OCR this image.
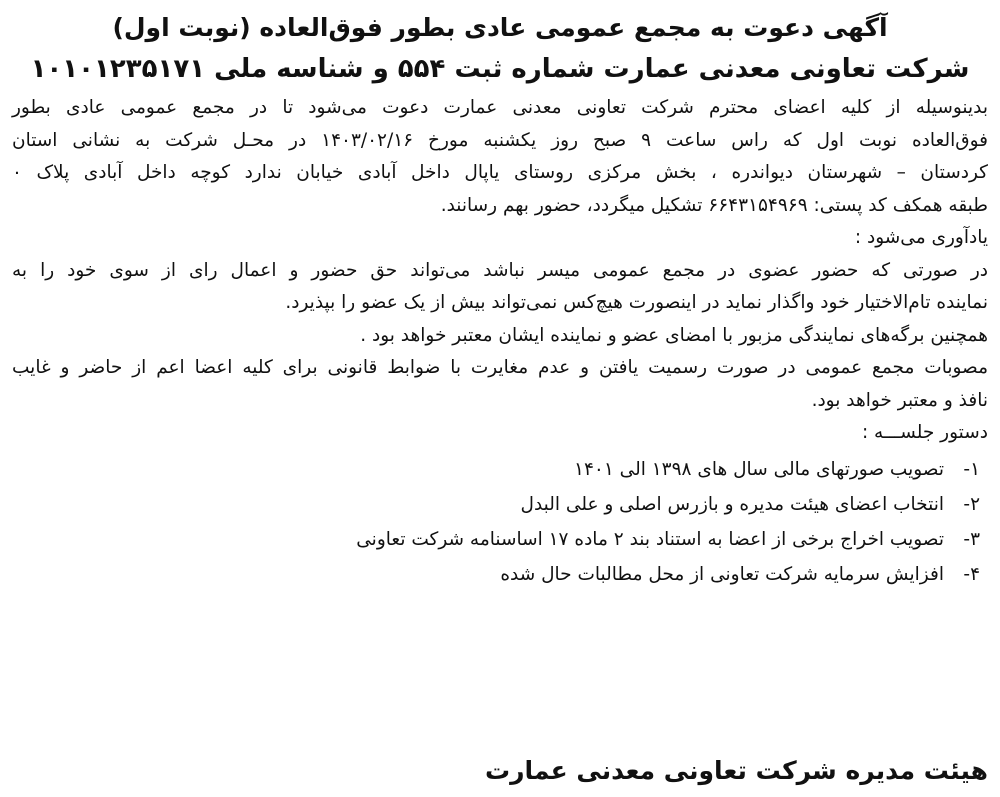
آگهی دعوت به مجمع عمومی عادی بطور فوق‌العاده (نوبت اول)
شرکت تعاونی معدنی عمارت شماره ثبت ۵۵۴ و شناسه ملی ۱۰۱۰۱۲۳۵۱۷۱

بدینوسیله از کلیه اعضای محترم شرکت تعاونی معدنی عمارت دعوت می‌شود تا در مجمع عمومی عادی بطور
فوق‌العاده نوبت اول که راس ساعت ۹ صبح روز یکشنبه مورخ ۱۴۰۳/۰۲/۱۶ در محـل شرکت به نشانی استان
کردستان – شهرستان دیواندره ، بخش مرکزی روستای یاپال داخل آبادی خیابان ندارد کوچه داخل آبادی پلاک ۰
طبقه همکف کد پستی: ۶۶۴۳۱۵۴۹۶۹ تشکیل میگردد، حضور بهم رسانند.

یادآوری می‌شود :

در صورتی که حضور عضوی در مجمع عمومی میسر نباشد می‌تواند حق حضور و اعمال رای از سوی خود را به
نماینده تام‌الاختیار خود واگذار نماید در اینصورت هیچ‌کس نمی‌تواند بیش از یک عضو را بپذیرد.

همچنین برگه‌های نمایندگی مزبور با امضای عضو و نماینده ایشان معتبر خواهد بود .

مصوبات مجمع عمومی در صورت رسمیت یافتن و عدم مغایرت با ضوابط قانونی برای کلیه اعضا اعم از حاضر و غایب
نافذ و معتبر خواهد بود.

دستور جلســـه :

۱-
تصویب صورتهای مالی سال های ۱۳۹۸ الی ۱۴۰۱
۲-
انتخاب اعضای هیئت مدیره و بازرس اصلی و علی البدل
۳-
تصویب اخراج برخی از اعضا به استناد بند ۲ ماده ۱۷ اساسنامه شرکت تعاونی
۴-
افزایش سرمایه شرکت تعاونی از محل مطالبات حال شده
هیئت مدیره شرکت تعاونی معدنی عمارت
